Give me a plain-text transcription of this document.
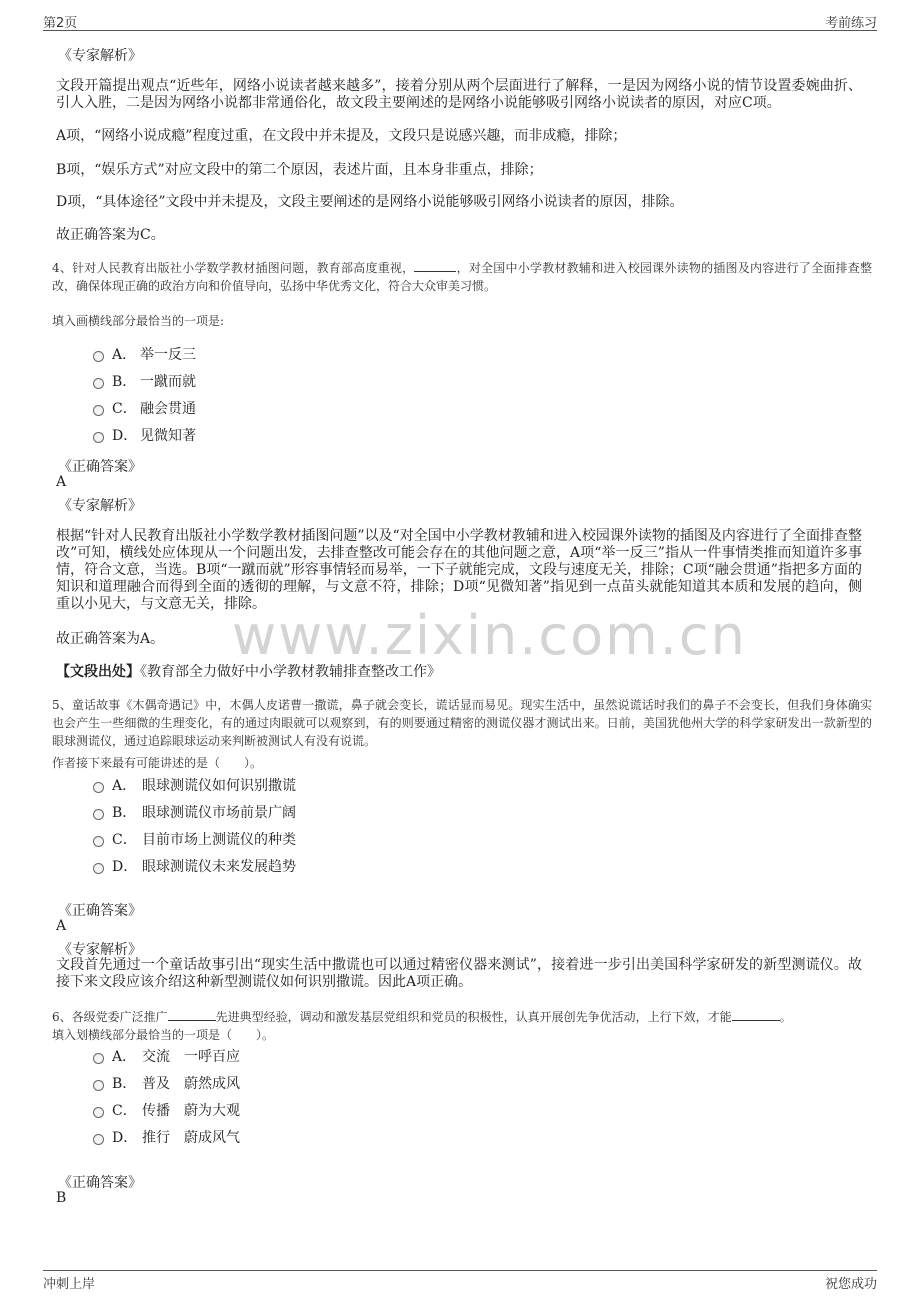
第2页	考前练习
www.zixin.com.cn
《专家解析》
文段开篇提出观点“近些年，网络小说读者越来越多”，接着分别从两个层面进行了解释，一是因为网络小说的情节设置委婉曲折、引人入胜，二是因为网络小说都非常通俗化，故文段主要阐述的是网络小说能够吸引网络小说读者的原因，对应C项。
A项，“网络小说成瘾”程度过重，在文段中并未提及，文段只是说感兴趣，而非成瘾，排除；
B项，“娱乐方式”对应文段中的第二个原因，表述片面，且本身非重点，排除；
D项，“具体途径”文段中并未提及，文段主要阐述的是网络小说能够吸引网络小说读者的原因，排除。
故正确答案为C。
4、针对人民教育出版社小学数学教材插图问题，教育部高度重视，	，对全国中小学教材教辅和进入校园课外读物的插图及内容进行了全面排查整改，确保体现正确的政治方向和价值导向，弘扬中华优秀文化，符合大众审美习惯。
填入画横线部分最恰当的一项是:
A． 举一反三
B． 一蹴而就
C． 融会贯通
D． 见微知著
《正确答案》
A
《专家解析》
根据“针对人民教育出版社小学数学教材插图问题”以及“对全国中小学教材教辅和进入校园课外读物的插图及内容进行了全面排查整改”可知，横线处应体现从一个问题出发，去排查整改可能会存在的其他问题之意，A项“举一反三”指从一件事情类推而知道许多事情，符合文意，当选。B项“一蹴而就”形容事情轻而易举，一下子就能完成，文段与速度无关，排除；C项“融会贯通”指把多方面的知识和道理融合而得到全面的透彻的理解，与文意不符，排除；D项“见微知著”指见到一点苗头就能知道其本质和发展的趋向，侧重以小见大，与文意无关，排除。
故正确答案为A。
【文段出处】《教育部全力做好中小学教材教辅排查整改工作》
5、童话故事《木偶奇遇记》中，木偶人皮诺曹一撒谎，鼻子就会变长，谎话显而易见。现实生活中，虽然说谎话时我们的鼻子不会变长，但我们身体确实也会产生一些细微的生理变化，有的通过肉眼就可以观察到，有的则要通过精密的测谎仪器才测试出来。日前，美国犹他州大学的科学家研发出一款新型的眼球测谎仪，通过追踪眼球运动来判断被测试人有没有说谎。
作者接下来最有可能讲述的是（　　）。
A． 眼球测谎仪如何识别撒谎
B． 眼球测谎仪市场前景广阔
C． 目前市场上测谎仪的种类
D． 眼球测谎仪未来发展趋势
《正确答案》
A
《专家解析》
文段首先通过一个童话故事引出“现实生活中撒谎也可以通过精密仪器来测试”，接着进一步引出美国科学家研发的新型测谎仪。故接下来文段应该介绍这种新型测谎仪如何识别撒谎。因此A项正确。
6、各级党委广泛推广	先进典型经验，调动和激发基层党组织和党员的积极性，认真开展创先争优活动，上行下效，才能	。
填入划横线部分最恰当的一项是（　　）。
A． 交流　一呼百应
B． 普及　蔚然成风
C． 传播　蔚为大观
D． 推行　蔚成风气
《正确答案》
B
冲刺上岸	祝您成功
